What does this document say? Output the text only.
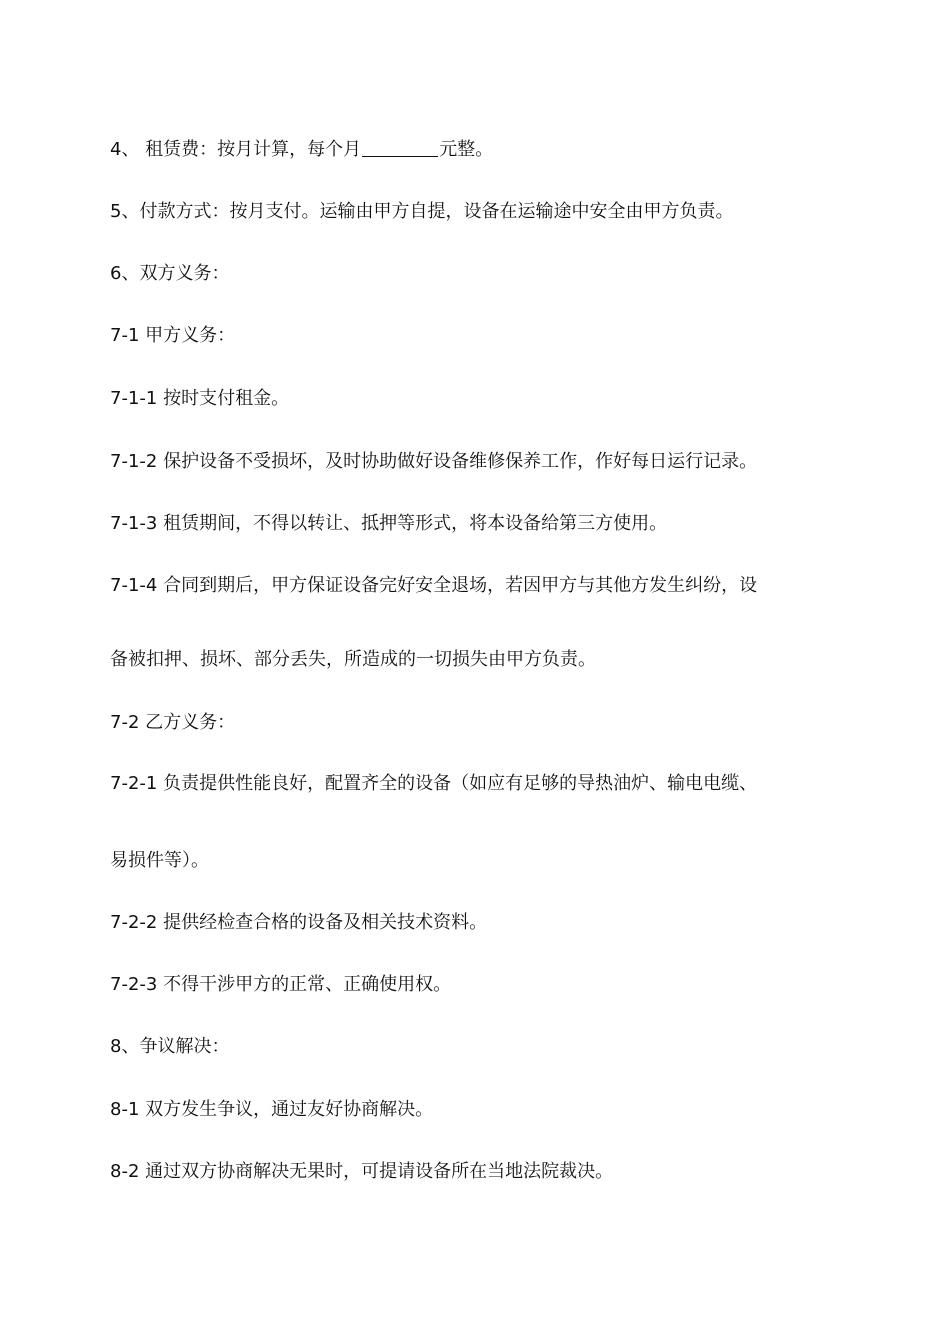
4、 租赁费：按月计算，每个月	元整。
5、付款方式：按月支付。运输由甲方自提，设备在运输途中安全由甲方负责。
6、双方义务：
7-1 甲方义务：
7-1-1 按时支付租金。
7-1-2 保护设备不受损坏，及时协助做好设备维修保养工作，作好每日运行记录。
7-1-3 租赁期间，不得以转让、抵押等形式，将本设备给第三方使用。
7-1-4 合同到期后，甲方保证设备完好安全退场，若因甲方与其他方发生纠纷，设
备被扣押、损坏、部分丢失，所造成的一切损失由甲方负责。
7-2 乙方义务：
7-2-1 负责提供性能良好，配置齐全的设备（如应有足够的导热油炉、输电电缆、
易损件等）。
7-2-2 提供经检查合格的设备及相关技术资料。
7-2-3 不得干涉甲方的正常、正确使用权。
8、争议解决：
8-1 双方发生争议，通过友好协商解决。
8-2 通过双方协商解决无果时，可提请设备所在当地法院裁决。
